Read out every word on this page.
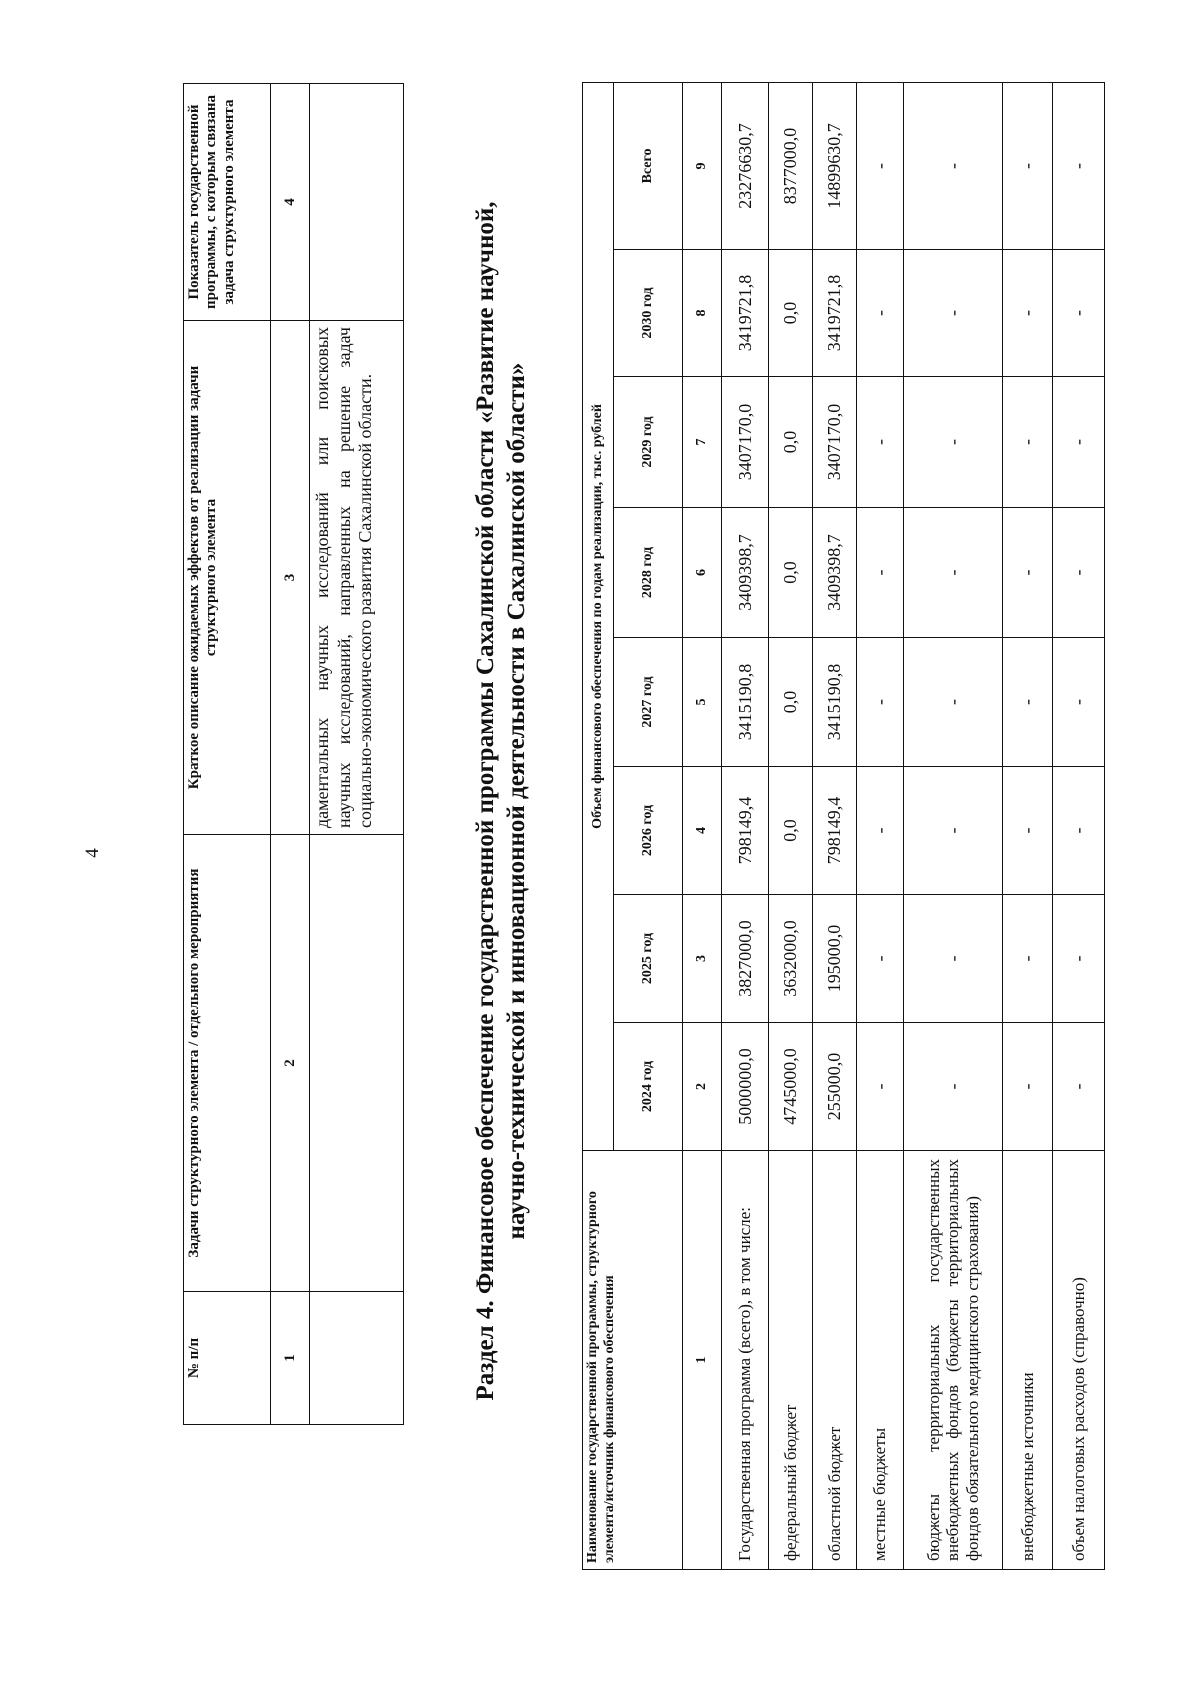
4
№ п/п	Задачи структурного элемента / отдельного мероприятия	Краткое описание ожидаемых эффектов от реализации задачи структурного элемента	Показатель государственной программы, с которым связана задача структурного элемента
1	2	3	4

		даментальных научных исследований или поисковых научных исследований, направленных на решение задач социально-экономического развития Сахалинской области.	
		Раздел 4. Финансовое обеспечение государственной программы Сахалинской области «Развитие научной, научно-технической и инновационной деятельности в Сахалинской области»
Наименование государственной программы, структурного элемента/источник финансового обеспечения	Объем финансового обеспечения по годам реализации, тыс. рублей							
	2024 год	2025 год	2026 год	2027 год	2028 год	2029 год	2030 год	Всего
1	2	3	4	5	6	7	8	9
Государственная программа (всего), в том числе:	5000000,0	3827000,0	798149,4	3415190,8	3409398,7	3407170,0	3419721,8	23276630,7
федеральный бюджет	4745000,0	3632000,0	0,0	0,0	0,0	0,0	0,0	8377000,0
областной бюджет	255000,0	195000,0	798149,4	3415190,8	3409398,7	3407170,0	3419721,8	14899630,7
местные бюджеты	-	-	-	-	-	-	-	-
бюджеты территориальных государственных внебюджетных фондов (бюджеты территориальных фондов обязательного медицинского страхования)	-	-	-	-	-	-	-	-
внебюджетные источники	-	-	-	-	-	-	-	-
объем налоговых расходов (справочно)	-	-	-	-	-	-	-	-
